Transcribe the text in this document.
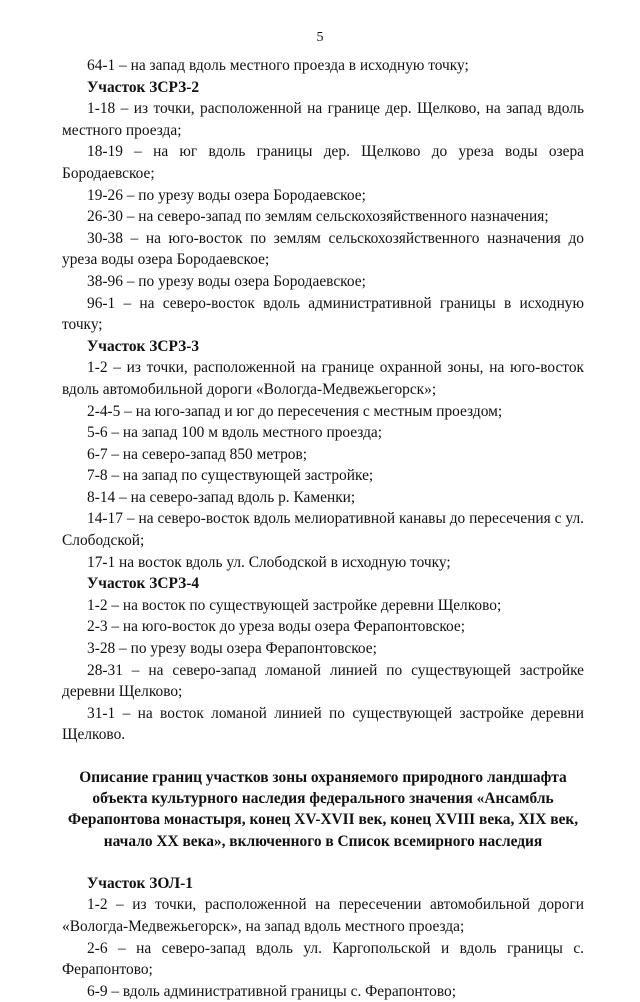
5

64-1 – на запад вдоль местного проезда в исходную точку;

Участок ЗСРЗ-2

1-18 – из точки, расположенной на границе дер. Щелково, на запад вдоль местного проезда;

18-19 – на юг вдоль границы дер. Щелково до уреза воды озера Бородаевское;

19-26 – по урезу воды озера Бородаевское;

26-30 – на северо-запад по землям сельскохозяйственного назначения;

30-38 – на юго-восток по землям сельскохозяйственного назначения до уреза воды озера Бородаевское;

38-96 – по урезу воды озера Бородаевское;

96-1 – на северо-восток вдоль административной границы в исходную точку;

Участок ЗСРЗ-3

1-2 – из точки, расположенной на границе охранной зоны, на юго-восток вдоль автомобильной дороги «Вологда-Медвежьегорск»;

2-4-5 – на юго-запад и юг до пересечения с местным проездом;

5-6 – на запад 100 м вдоль местного проезда;

6-7 – на северо-запад 850 метров;

7-8 – на запад по существующей застройке;

8-14 – на северо-запад вдоль р. Каменки;

14-17 – на северо-восток вдоль мелиоративной канавы до пересечения с ул. Слободской;

17-1 на восток вдоль ул. Слободской в исходную точку;

Участок ЗСРЗ-4

1-2 – на восток по существующей застройке деревни Щелково;

2-3 – на юго-восток до уреза воды озера Ферапонтовское;

3-28 – по урезу воды озера Ферапонтовское;

28-31 – на северо-запад ломаной линией по существующей застройке деревни Щелково;

31-1 – на восток ломаной линией по существующей застройке деревни Щелково.

Описание границ участков зоны охраняемого природного ландшафта объекта культурного наследия федерального значения «Ансамбль Ферапонтова монастыря, конец XV-XVII век, конец XVIII века, XIX век, начало XX века», включенного в Список всемирного наследия

Участок ЗОЛ-1

1-2 – из точки, расположенной на пересечении автомобильной дороги «Вологда-Медвежьегорск», на запад вдоль местного проезда;

2-6 – на северо-запад вдоль ул. Каргопольской и вдоль границы с. Ферапонтово;

6-9 – вдоль административной границы с. Ферапонтово;
